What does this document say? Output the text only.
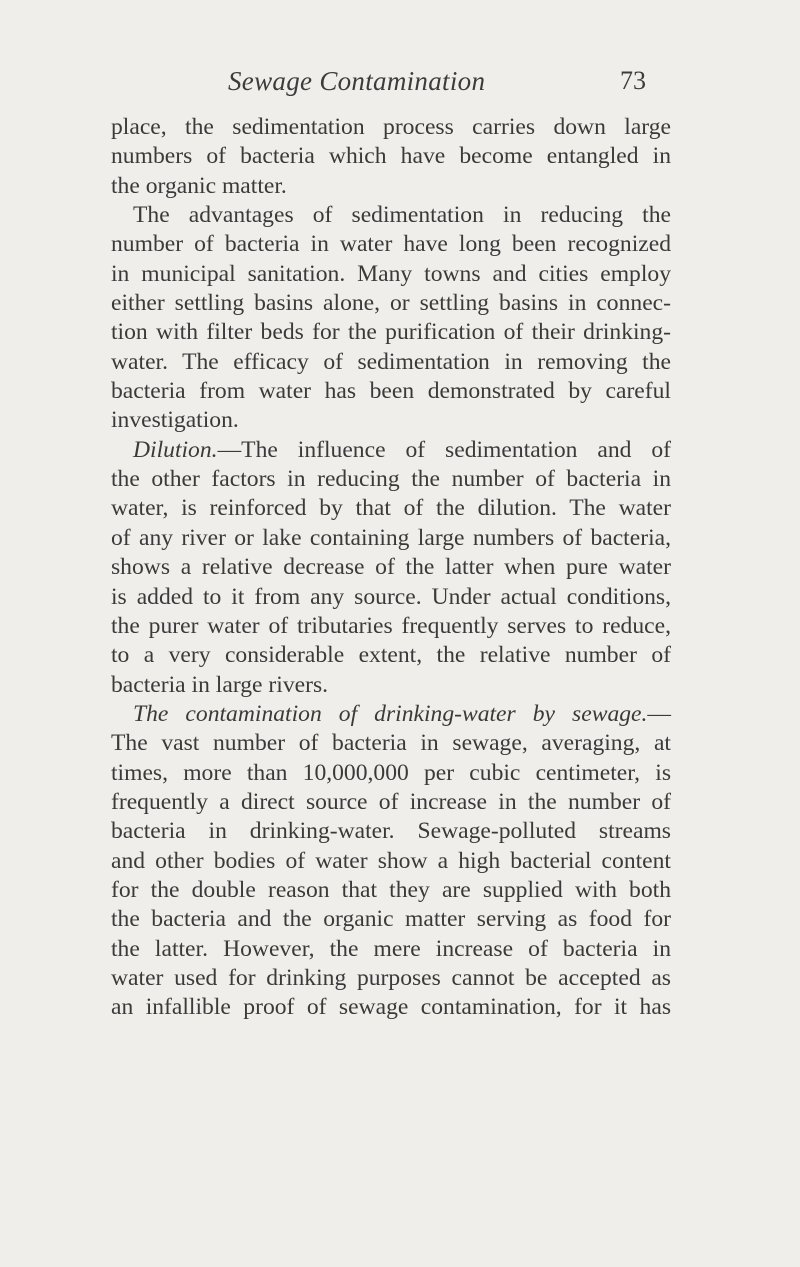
Sewage Contamination	73
place, the sedimentation process carries down large
numbers of bacteria which have become entangled in
the organic matter.
The advantages of sedimentation in reducing the
number of bacteria in water have long been recognized
in municipal sanitation. Many towns and cities employ
either settling basins alone, or settling basins in connec-
tion with filter beds for the purification of their drinking-
water. The efficacy of sedimentation in removing the
bacteria from water has been demonstrated by careful
investigation.
Dilution.—The influence of sedimentation and of
the other factors in reducing the number of bacteria in
water, is reinforced by that of the dilution. The water
of any river or lake containing large numbers of bacteria,
shows a relative decrease of the latter when pure water
is added to it from any source. Under actual conditions,
the purer water of tributaries frequently serves to reduce,
to a very considerable extent, the relative number of
bacteria in large rivers.
The contamination of drinking-water by sewage.—
The vast number of bacteria in sewage, averaging, at
times, more than 10,000,000 per cubic centimeter, is
frequently a direct source of increase in the number of
bacteria in drinking-water. Sewage-polluted streams
and other bodies of water show a high bacterial content
for the double reason that they are supplied with both
the bacteria and the organic matter serving as food for
the latter. However, the mere increase of bacteria in
water used for drinking purposes cannot be accepted as
an infallible proof of sewage contamination, for it has
